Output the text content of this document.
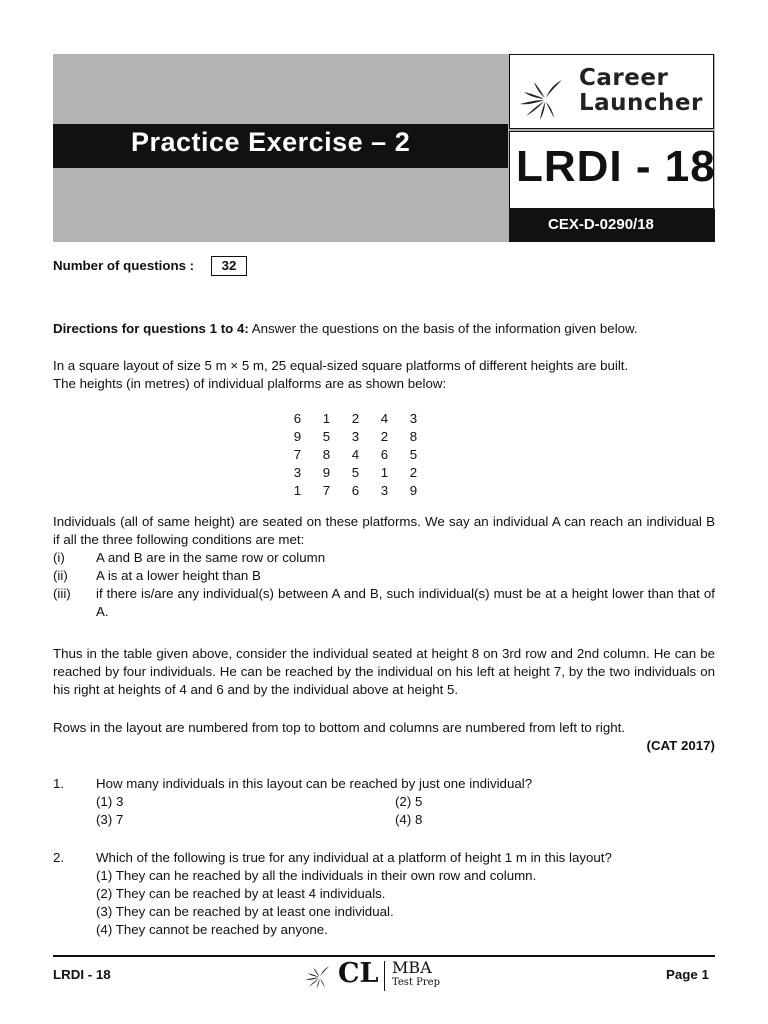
Practice Exercise – 2
Career
Launcher
LRDI - 18
CEX-D-0290/18
Number of questions :	32
Directions for questions 1 to 4: Answer the questions on the basis of the information given below.
In a square layout of size 5 m × 5 m, 25 equal-sized square platforms of different heights are built.
The heights (in metres) of individual plalforms are as shown below:
6	1	2	4	3
9	5	3	2	8
7	8	4	6	5
3	9	5	1	2
1	7	6	3	9
Individuals (all of same height) are seated on these platforms. We say an individual A can reach an individual B if all the three following conditions are met:
(i) A and B are in the same row or column
(ii) A is at a lower height than B
(iii) if there is/are any individual(s) between A and B, such individual(s) must be at a height lower than that of A.
Thus in the table given above, consider the individual seated at height 8 on 3rd row and 2nd column. He can be reached by four individuals. He can be reached by the individual on his left at height 7, by the two individuals on his right at heights of 4 and 6 and by the individual above at height 5.
Rows in the layout are numbered from top to bottom and columns are numbered from left to right.
(CAT 2017)
1. How many individuals in this layout can be reached by just one individual?
(1) 3	(2) 5
(3) 7	(4) 8
2. Which of the following is true for any individual at a platform of height 1 m in this layout?
(1) They can he reached by all the individuals in their own row and column.
(2) They can be reached by at least 4 individuals.
(3) They can be reached by at least one individual.
(4) They cannot be reached by anyone.
LRDI - 18	CL MBA
Test Prep
Page 1
